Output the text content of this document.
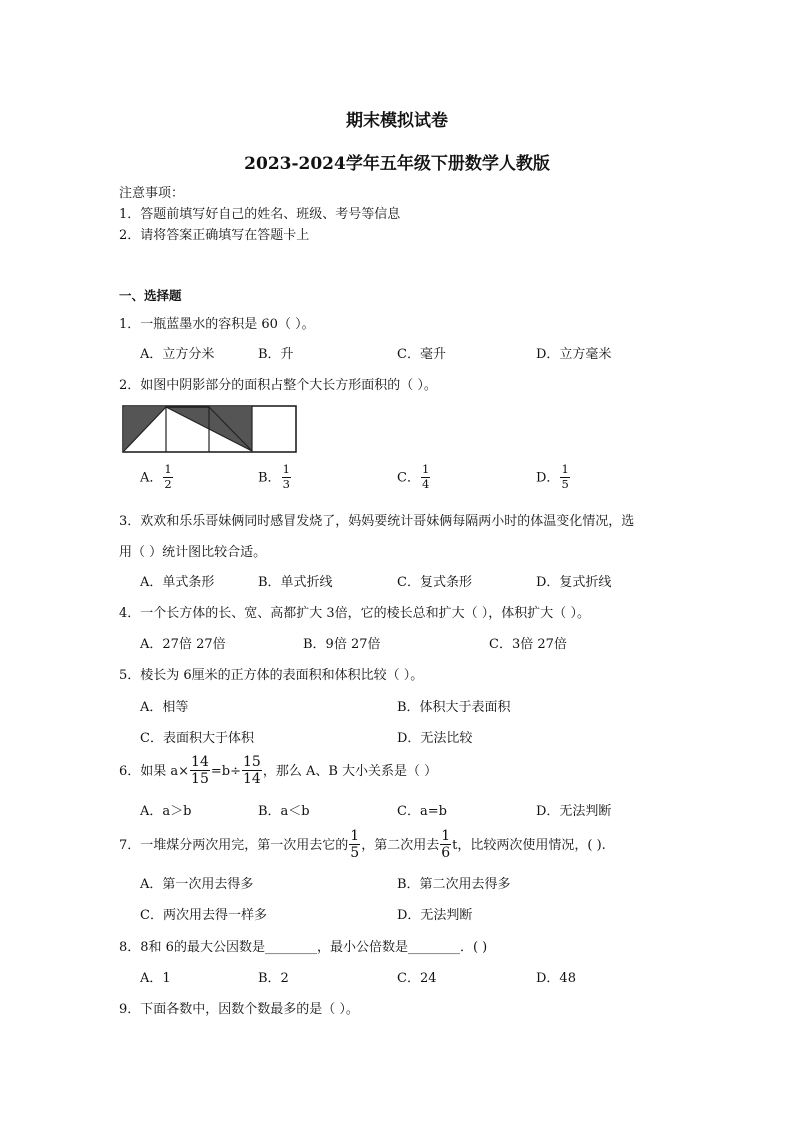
期末模拟试卷
2023-2024学年五年级下册数学人教版
注意事项：
1．答题前填写好自己的姓名、班级、考号等信息
2．请将答案正确填写在答题卡上
一、选择题
1．一瓶蓝墨水的容积是 60（ ）。
A．立方分米	B．升	C．毫升	D．立方毫米
2．如图中阴影部分的面积占整个大长方形面积的（ ）。
A． $\frac{1}{2}$	B． $\frac{1}{3}$	C． $\frac{1}{4}$	D． $\frac{1}{5}$
3．欢欢和乐乐哥妹俩同时感冒发烧了，妈妈要统计哥妹俩每隔两小时的体温变化情况，选
用（ ）统计图比较合适。
A．单式条形	B．单式折线	C．复式条形	D．复式折线
4．一个长方体的长、宽、高都扩大 3倍，它的棱长总和扩大（ ），体积扩大（ ）。
A．27倍 27倍	B．9倍 27倍	C．3倍 27倍
5．棱长为 6厘米的正方体的表面积和体积比较（ ）。
A．相等	B．体积大于表面积
C．表面积大于体积	D．无法比较
6．如果 $a\times \frac{14}{15} =b\div \frac{15}{14}$ ，那么 A、B 大小关系是（ ）
A．a＞b	B．a＜b	C．a=b	D．无法判断
7．一堆煤分两次用完，第一次用去它的 $\frac{1}{5}$ ，第二次用去 $\frac{1}{6}$ t，比较两次使用情况，( ).
A．第一次用去得多	B．第二次用去得多
C．两次用去得一样多	D．无法判断
8．8和 6的最大公因数是________，最小公倍数是________．( )
A．1	B．2	C．24	D．48
9．下面各数中，因数个数最多的是（ ）。
